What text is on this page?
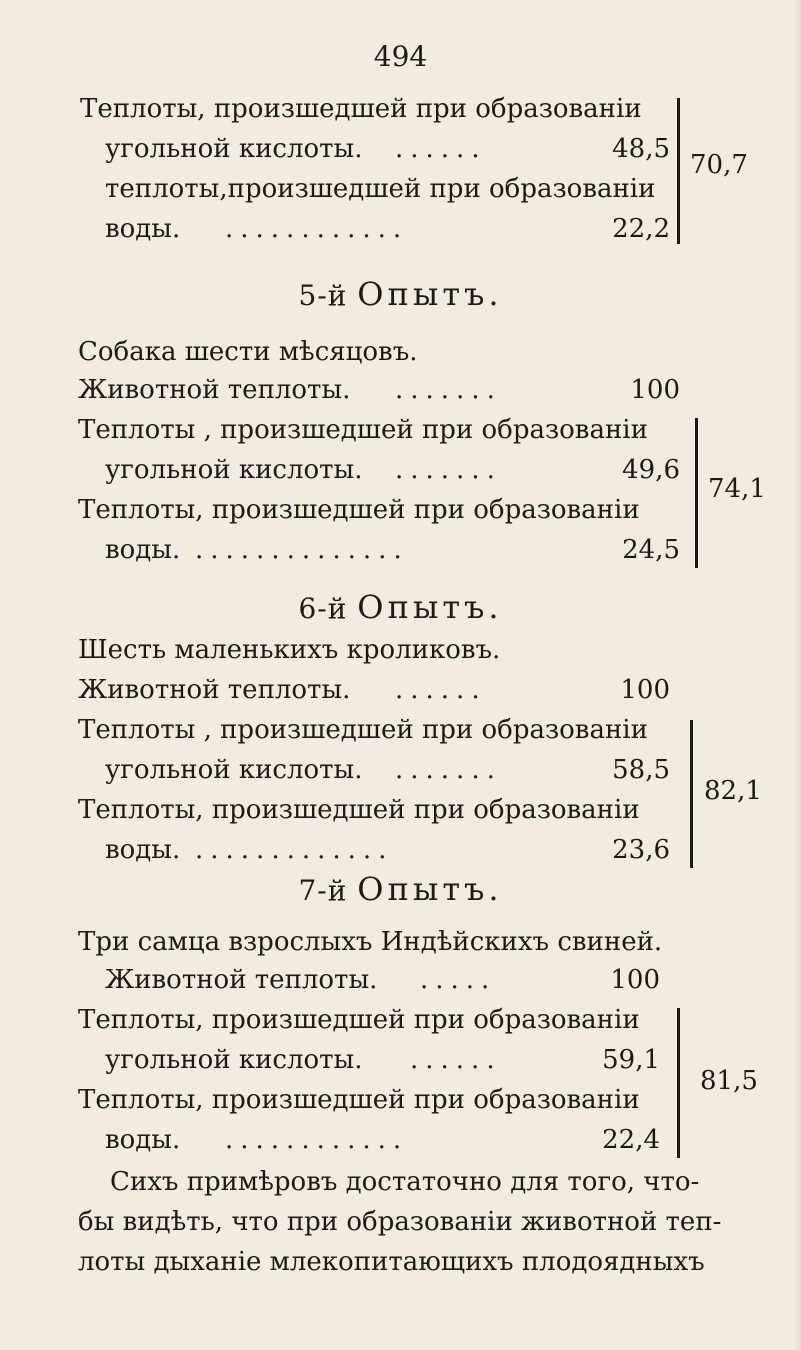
494
Теплоты, произшедшей при образованіи
угольной кислоты. ......	48,5
теплоты,произшедшей при образованіи
воды. ............	22,2
70,7
5-й Опытъ.
Собака шести мѣсяцовъ.
Животной теплоты. .......	100
Теплоты , произшедшей при образованіи
угольной кислоты. .......	49,6
Теплоты, произшедшей при образованіи
воды. ..............	24,5
74,1
6-й Опытъ.
Шесть маленькихъ кроликовъ.
Животной теплоты. ......	100
Теплоты , произшедшей при образованіи
угольной кислоты. .......	58,5
Теплоты, произшедшей при образованіи
воды. .............	23,6
82,1
7-й Опытъ.
Три самца взрослыхъ Индѣйскихъ свиней.
Животной теплоты. .....	100
Теплоты, произшедшей при образованіи
угольной кислоты. ......	59,1
Теплоты, произшедшей при образованіи
воды. ............	22,4
81,5
Сихъ примѣровъ достаточно для того, что-
бы видѣть, что при образованіи животной теп-
лоты дыханіе млекопитающихъ плодоядныхъ
